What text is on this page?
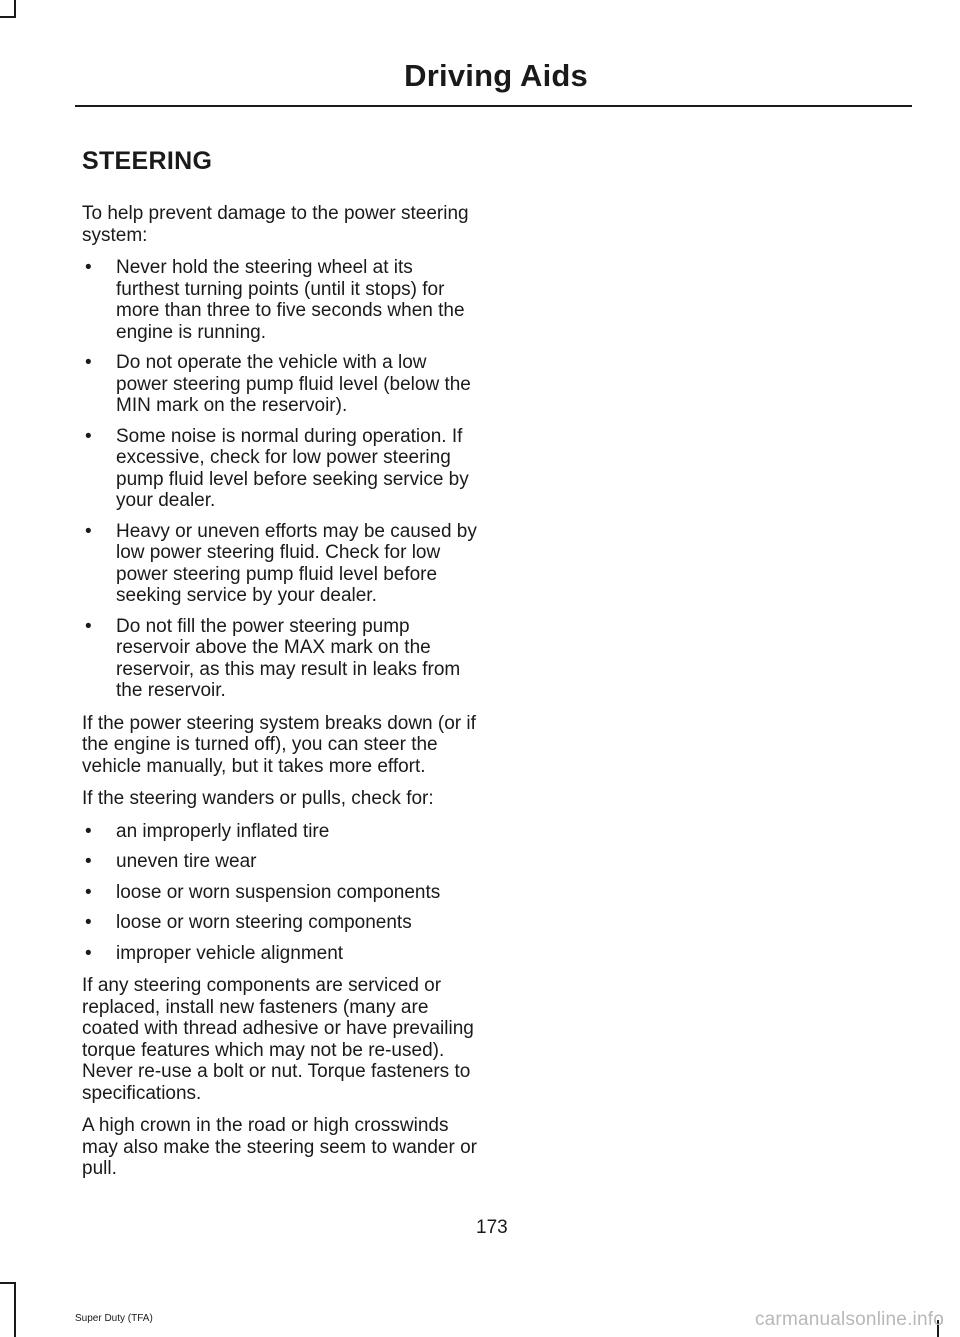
Driving Aids
STEERING

To help prevent damage to the power steering system:

• Never hold the steering wheel at its furthest turning points (until it stops) for more than three to five seconds when the engine is running.
• Do not operate the vehicle with a low power steering pump fluid level (below the MIN mark on the reservoir).
• Some noise is normal during operation. If excessive, check for low power steering pump fluid level before seeking service by your dealer.
• Heavy or uneven efforts may be caused by low power steering fluid. Check for low power steering pump fluid level before seeking service by your dealer.
• Do not fill the power steering pump reservoir above the MAX mark on the reservoir, as this may result in leaks from the reservoir.

If the power steering system breaks down (or if the engine is turned off), you can steer the vehicle manually, but it takes more effort.

If the steering wanders or pulls, check for:

• an improperly inflated tire
• uneven tire wear
• loose or worn suspension components
• loose or worn steering components
• improper vehicle alignment

If any steering components are serviced or replaced, install new fasteners (many are coated with thread adhesive or have prevailing torque features which may not be re-used). Never re-use a bolt or nut. Torque fasteners to specifications.

A high crown in the road or high crosswinds may also make the steering seem to wander or pull.

173
Super Duty (TFA)	carmanualsonline.info
